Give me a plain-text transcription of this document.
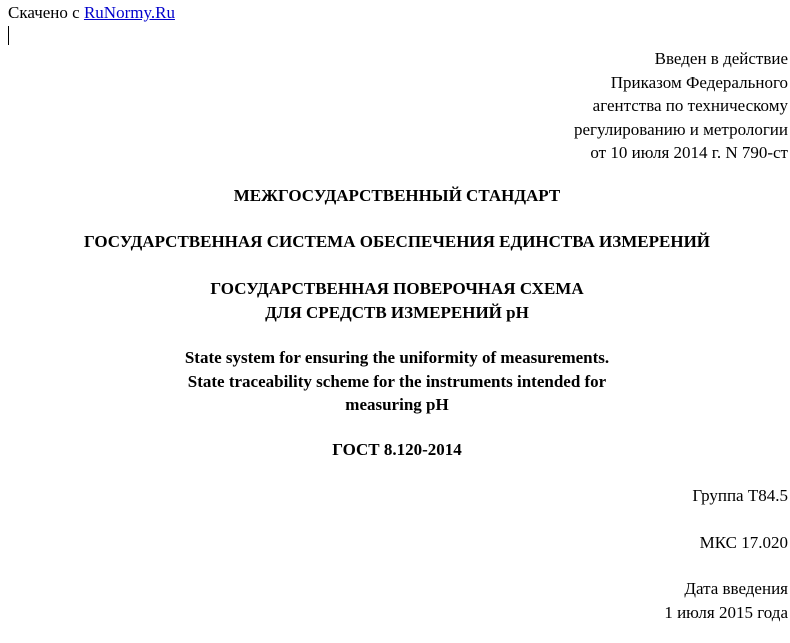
Скачено с RuNormy.Ru
Введен в действие
Приказом Федерального
агентства по техническому
регулированию и метрологии
от 10 июля 2014 г. N 790-ст
МЕЖГОСУДАРСТВЕННЫЙ СТАНДАРТ
ГОСУДАРСТВЕННАЯ СИСТЕМА ОБЕСПЕЧЕНИЯ ЕДИНСТВА ИЗМЕРЕНИЙ
ГОСУДАРСТВЕННАЯ ПОВЕРОЧНАЯ СХЕМА
ДЛЯ СРЕДСТВ ИЗМЕРЕНИЙ pH
State system for ensuring the uniformity of measurements.
State traceability scheme for the instruments intended for
measuring pH
ГОСТ 8.120-2014
Группа Т84.5
МКС 17.020
Дата введения
1 июля 2015 года
